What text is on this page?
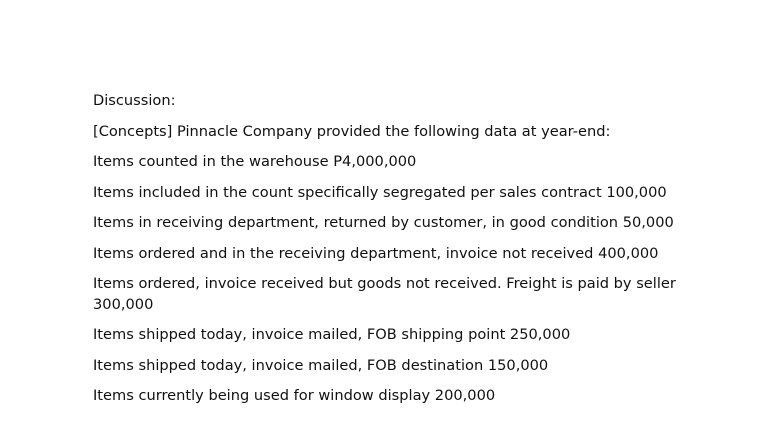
Discussion:

[Concepts] Pinnacle Company provided the following data at year-end:

Items counted in the warehouse P4,000,000

Items included in the count specifically segregated per sales contract 100,000

Items in receiving department, returned by customer, in good condition 50,000

Items ordered and in the receiving department, invoice not received 400,000

Items ordered, invoice received but goods not received. Freight is paid by seller 300,000

Items shipped today, invoice mailed, FOB shipping point 250,000

Items shipped today, invoice mailed, FOB destination 150,000

Items currently being used for window display 200,000
